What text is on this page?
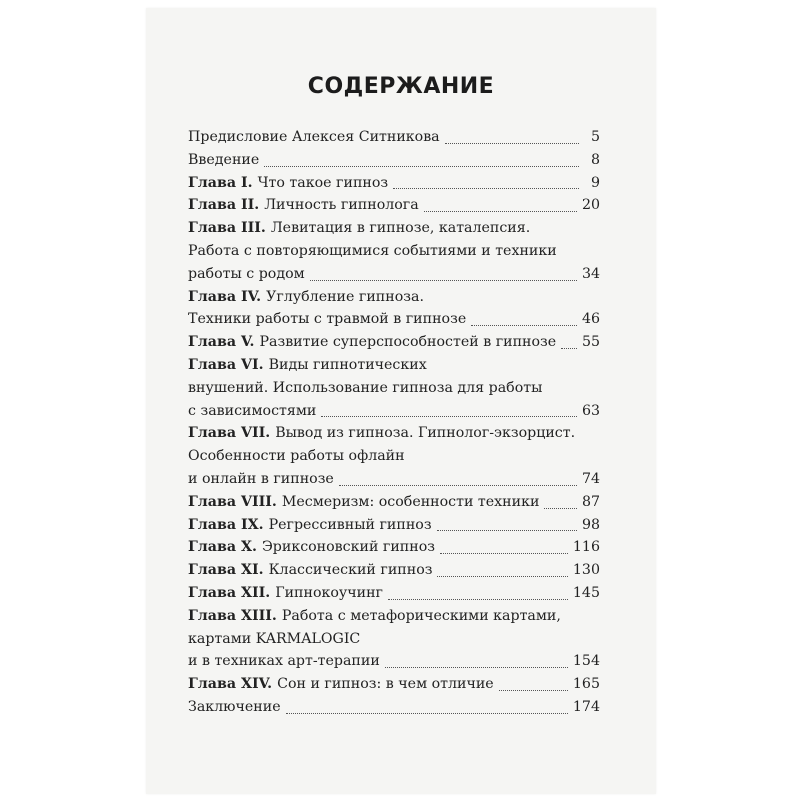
СОДЕРЖАНИЕ
Предисловие Алексея Ситникова	5
Введение	8
Глава I. Что такое гипноз	9
Глава II. Личность гипнолога	20
Глава III. Левитация в гипнозе, каталепсия.
Работа с повторяющимися событиями и техники
работы с родом	34
Глава IV. Углубление гипноза.
Техники работы с травмой в гипнозе	46
Глава V. Развитие суперспособностей в гипнозе 55
Глава VI. Виды гипнотических
внушений. Использование гипноза для работы
с зависимостями	63
Глава VII. Вывод из гипноза. Гипнолог-экзорцист.
Особенности работы офлайн
и онлайн в гипнозе	74
Глава VIII. Месмеризм: особенности техники	87
Глава IX. Регрессивный гипноз	98
Глава X. Эриксоновский гипноз	116
Глава XI. Классический гипноз	130
Глава XII. Гипнокоучинг	145
Глава XIII. Работа с метафорическими картами,
картами KARMALOGIC
и в техниках арт-терапии	154
Глава XIV. Сон и гипноз: в чем отличие	165
Заключение	174
